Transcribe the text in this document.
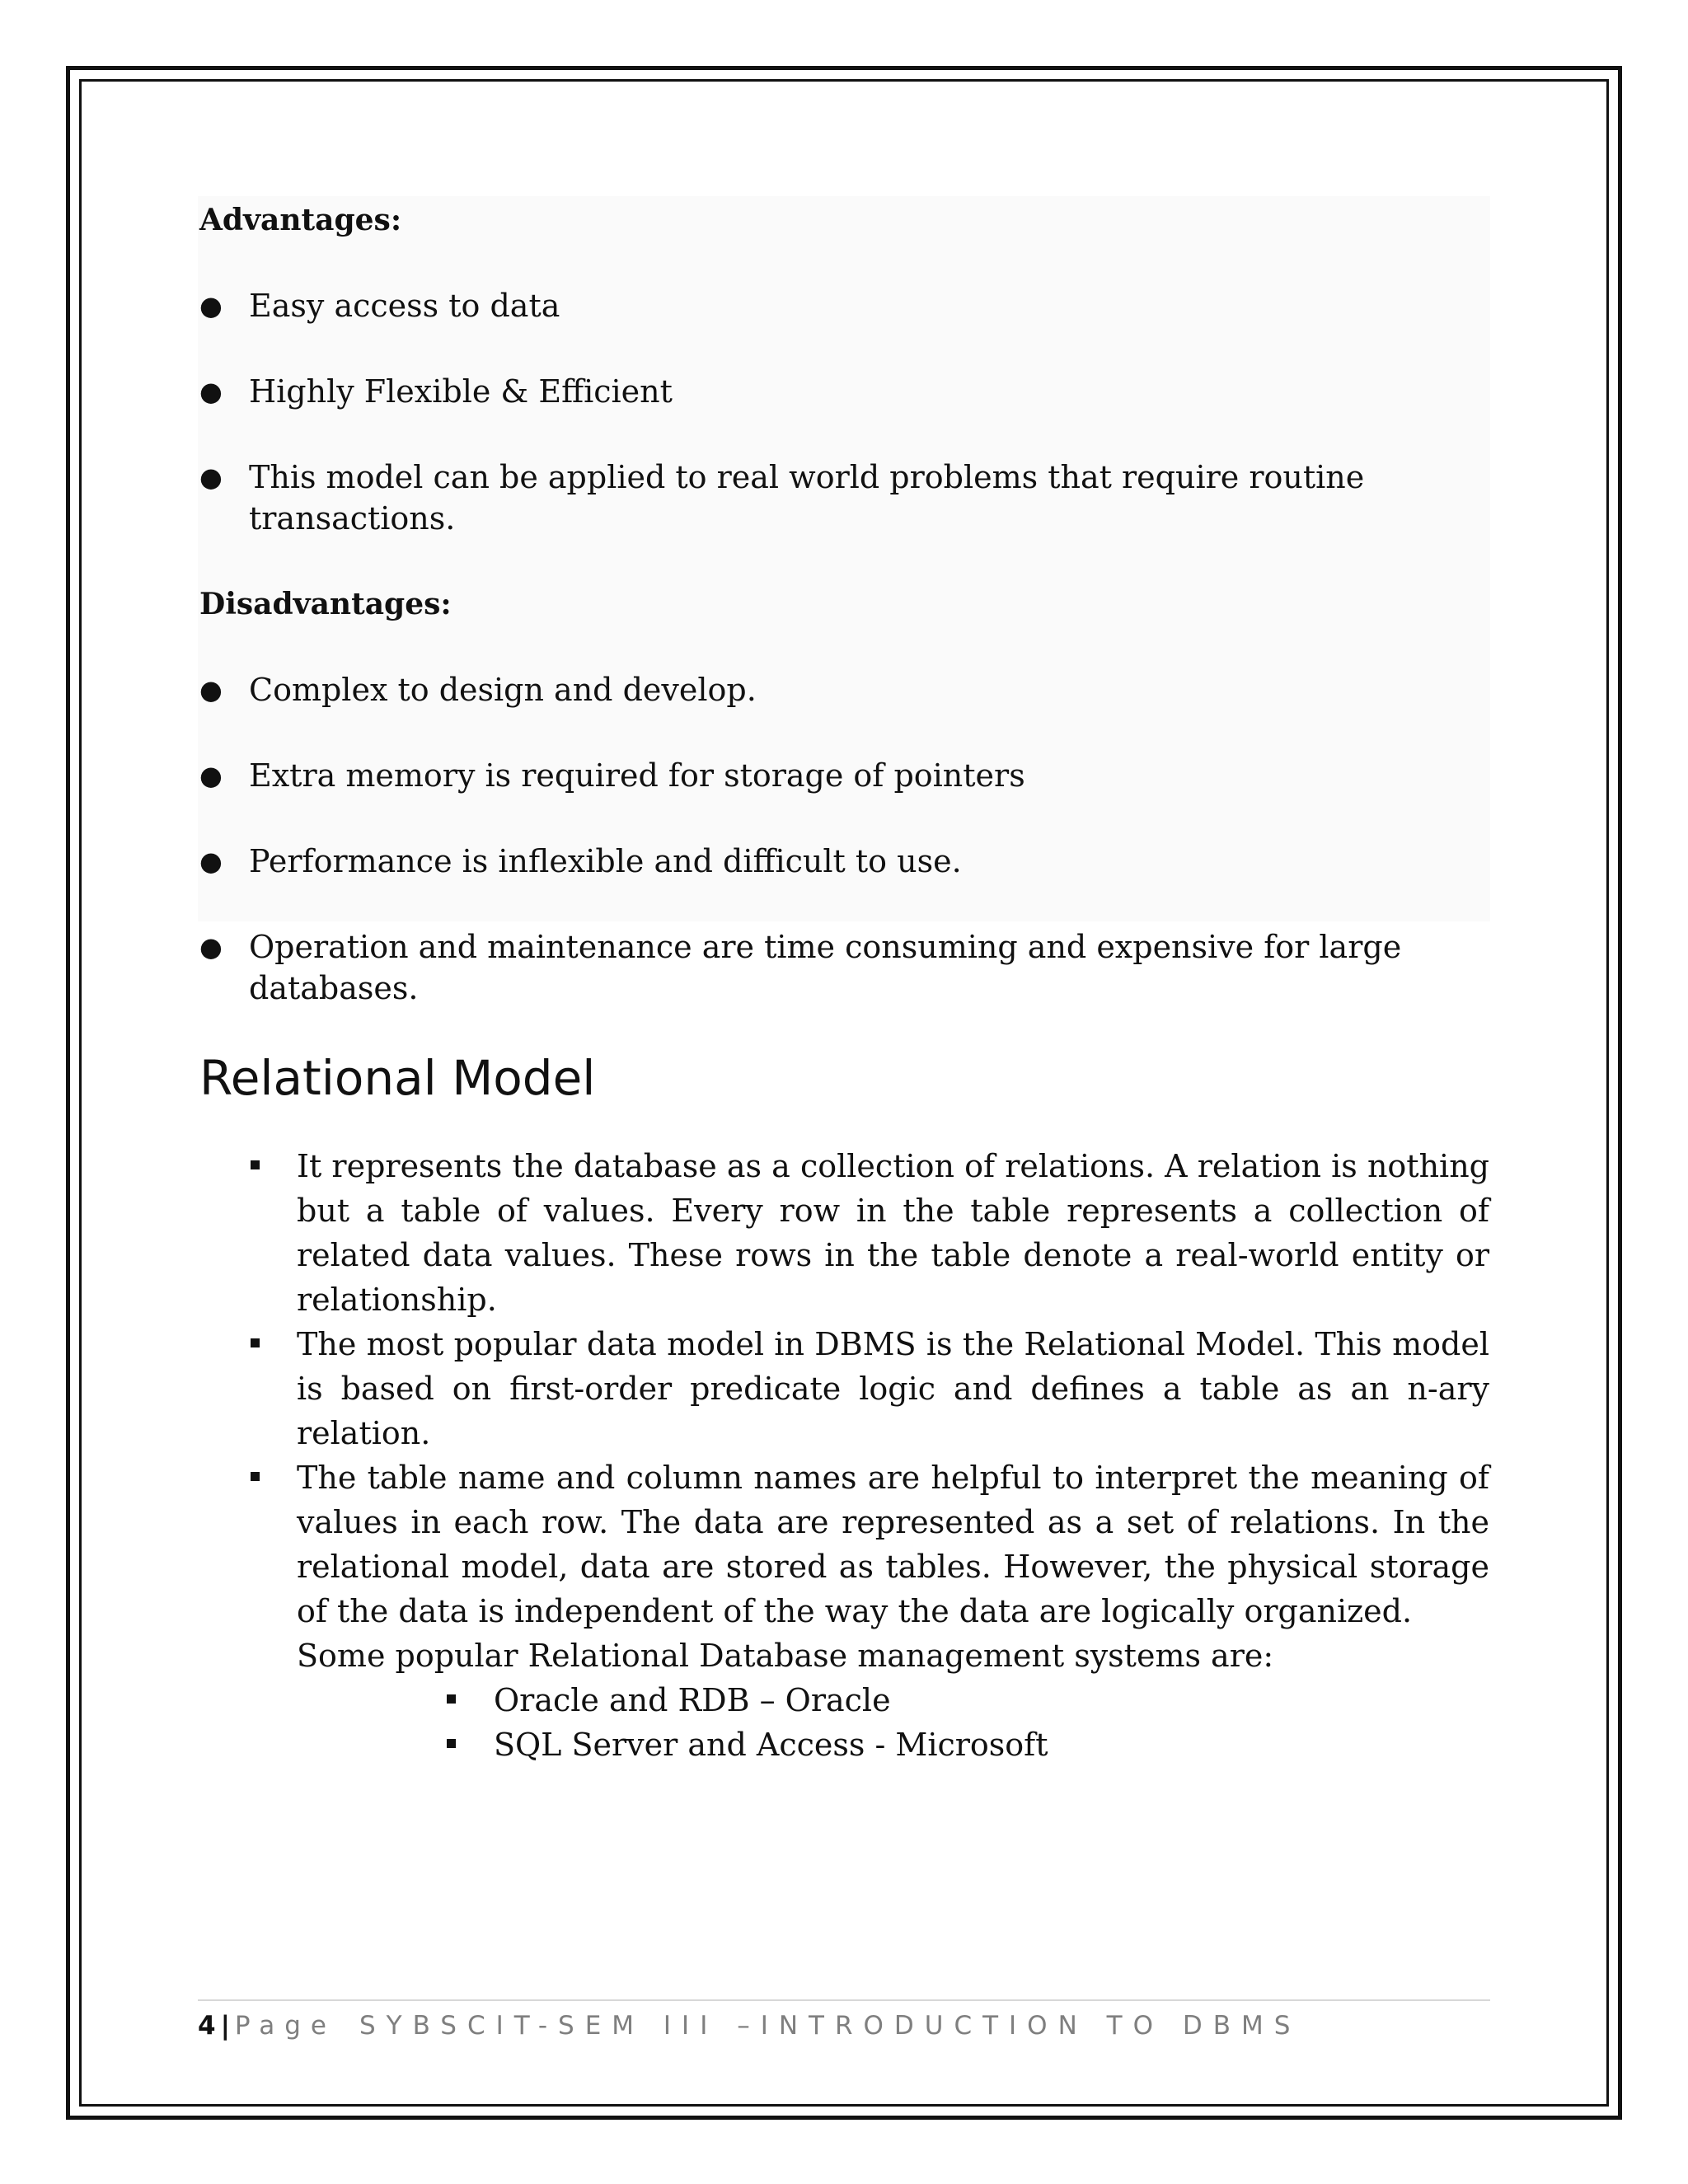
Advantages:

● Easy access to data
● Highly Flexible & Efficient
● This model can be applied to real world problems that require routine transactions.

Disadvantages:

● Complex to design and develop.
● Extra memory is required for storage of pointers
● Performance is inflexible and difficult to use.
● Operation and maintenance are time consuming and expensive for large databases.
Relational Model
It represents the database as a collection of relations. A relation is nothing but a table of values. Every row in the table represents a collection of related data values. These rows in the table denote a real-world entity or relationship.
The most popular data model in DBMS is the Relational Model. This model is based on first-order predicate logic and defines a table as an n-ary relation.
The table name and column names are helpful to interpret the meaning of values in each row. The data are represented as a set of relations. In the relational model, data are stored as tables. However, the physical storage of the data is independent of the way the data are logically organized.

Some popular Relational Database management systems are:

Oracle and RDB – Oracle
SQL Server and Access - Microsoft
4 | Page SYBSCIT-SEM III –INTRODUCTION TO DBMS
